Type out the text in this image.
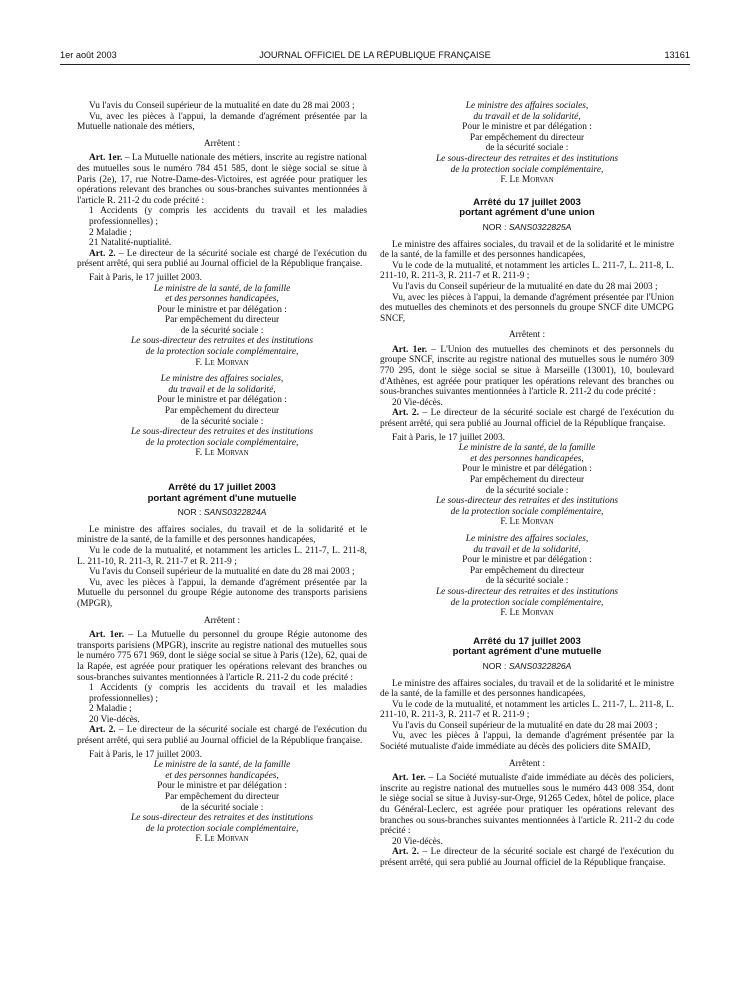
1er août 2003	JOURNAL OFFICIEL DE LA RÉPUBLIQUE FRANÇAISE	13161

Vu l'avis du Conseil supérieur de la mutualité en date du 28 mai 2003 ;

Vu, avec les pièces à l'appui, la demande d'agrément présentée par la Mutuelle nationale des métiers,

Arrêtent :

Art. 1er. – La Mutuelle nationale des métiers, inscrite au registre national des mutuelles sous le numéro 784 451 585, dont le siège social se situe à Paris (2e), 17, rue Notre-Dame-des-Victoires, est agréée pour pratiquer les opérations relevant des branches ou sous-branches suivantes mentionnées à l'article R. 211-2 du code précité :

1 Accidents (y compris les accidents du travail et les maladies professionnelles) ;

2 Maladie ;

21 Natalité-nuptialité.

Art. 2. – Le directeur de la sécurité sociale est chargé de l'exécution du présent arrêté, qui sera publié au Journal officiel de la République française.

Fait à Paris, le 17 juillet 2003.

Le ministre de la santé, de la famille
et des personnes handicapées,
Pour le ministre et par délégation :
Par empêchement du directeur
de la sécurité sociale :
Le sous-directeur des retraites et des institutions
de la protection sociale complémentaire,
F. Le Morvan
Le ministre des affaires sociales,
du travail et de la solidarité,
Pour le ministre et par délégation :
Par empêchement du directeur
de la sécurité sociale :
Le sous-directeur des retraites et des institutions
de la protection sociale complémentaire,
F. Le Morvan
Arrêté du 17 juillet 2003
portant agrément d'une mutuelle
NOR : SANS0322824A

Le ministre des affaires sociales, du travail et de la solidarité et le ministre de la santé, de la famille et des personnes handicapées,

Vu le code de la mutualité, et notamment les articles L. 211-7, L. 211-8, L. 211-10, R. 211-3, R. 211-7 et R. 211-9 ;

Vu l'avis du Conseil supérieur de la mutualité en date du 28 mai 2003 ;

Vu, avec les pièces à l'appui, la demande d'agrément présentée par la Mutuelle du personnel du groupe Régie autonome des transports parisiens (MPGR),

Arrêtent :

Art. 1er. – La Mutuelle du personnel du groupe Régie autonome des transports parisiens (MPGR), inscrite au registre national des mutuelles sous le numéro 775 671 969, dont le siège social se situe à Paris (12e), 62, quai de la Rapée, est agréée pour pratiquer les opérations relevant des branches ou sous-branches suivantes mentionnées à l'article R. 211-2 du code précité :

1 Accidents (y compris les accidents du travail et les maladies professionnelles) ;

2 Maladie ;

20 Vie-décès.

Art. 2. – Le directeur de la sécurité sociale est chargé de l'exécution du présent arrêté, qui sera publié au Journal officiel de la République française.

Fait à Paris, le 17 juillet 2003.

Le ministre de la santé, de la famille
et des personnes handicapées,
Pour le ministre et par délégation :
Par empêchement du directeur
de la sécurité sociale :
Le sous-directeur des retraites et des institutions
de la protection sociale complémentaire,
F. Le Morvan
Le ministre des affaires sociales,
du travail et de la solidarité,
Pour le ministre et par délégation :
Par empêchement du directeur
de la sécurité sociale :
Le sous-directeur des retraites et des institutions
de la protection sociale complémentaire,
F. Le Morvan
Arrêté du 17 juillet 2003
portant agrément d'une union
NOR : SANS0322825A

Le ministre des affaires sociales, du travail et de la solidarité et le ministre de la santé, de la famille et des personnes handicapées,

Vu le code de la mutualité, et notamment les articles L. 211-7, L. 211-8, L. 211-10, R. 211-3, R. 211-7 et R. 211-9 ;

Vu l'avis du Conseil supérieur de la mutualité en date du 28 mai 2003 ;

Vu, avec les pièces à l'appui, la demande d'agrément présentée par l'Union des mutuelles des cheminots et des personnels du groupe SNCF dite UMCPG SNCF,

Arrêtent :

Art. 1er. – L'Union des mutuelles des cheminots et des personnels du groupe SNCF, inscrite au registre national des mutuelles sous le numéro 309 770 295, dont le siège social se situe à Marseille (13001), 10, boulevard d'Athènes, est agréée pour pratiquer les opérations relevant des branches ou sous-branches suivantes mentionnées à l'article R. 211-2 du code précité :

20 Vie-décès.

Art. 2. – Le directeur de la sécurité sociale est chargé de l'exécution du présent arrêté, qui sera publié au Journal officiel de la République française.

Fait à Paris, le 17 juillet 2003.

Le ministre de la santé, de la famille
et des personnes handicapées,
Pour le ministre et par délégation :
Par empêchement du directeur
de la sécurité sociale :
Le sous-directeur des retraites et des institutions
de la protection sociale complémentaire,
F. Le Morvan
Le ministre des affaires sociales,
du travail et de la solidarité,
Pour le ministre et par délégation :
Par empêchement du directeur
de la sécurité sociale :
Le sous-directeur des retraites et des institutions
de la protection sociale complémentaire,
F. Le Morvan
Arrêté du 17 juillet 2003
portant agrément d'une mutuelle
NOR : SANS0322826A

Le ministre des affaires sociales, du travail et de la solidarité et le ministre de la santé, de la famille et des personnes handicapées,

Vu le code de la mutualité, et notamment les articles L. 211-7, L. 211-8, L. 211-10, R. 211-3, R. 211-7 et R. 211-9 ;

Vu l'avis du Conseil supérieur de la mutualité en date du 28 mai 2003 ;

Vu, avec les pièces à l'appui, la demande d'agrément présentée par la Société mutualiste d'aide immédiate au décès des policiers dite SMAID,

Arrêtent :

Art. 1er. – La Société mutualiste d'aide immédiate au décès des policiers, inscrite au registre national des mutuelles sous le numéro 443 008 354, dont le siège social se situe à Juvisy-sur-Orge, 91265 Cedex, hôtel de police, place du Général-Leclerc, est agréée pour pratiquer les opérations relevant des branches ou sous-branches suivantes mentionnées à l'article R. 211-2 du code précité :

20 Vie-décès.

Art. 2. – Le directeur de la sécurité sociale est chargé de l'exécution du présent arrêté, qui sera publié au Journal officiel de la République française.
